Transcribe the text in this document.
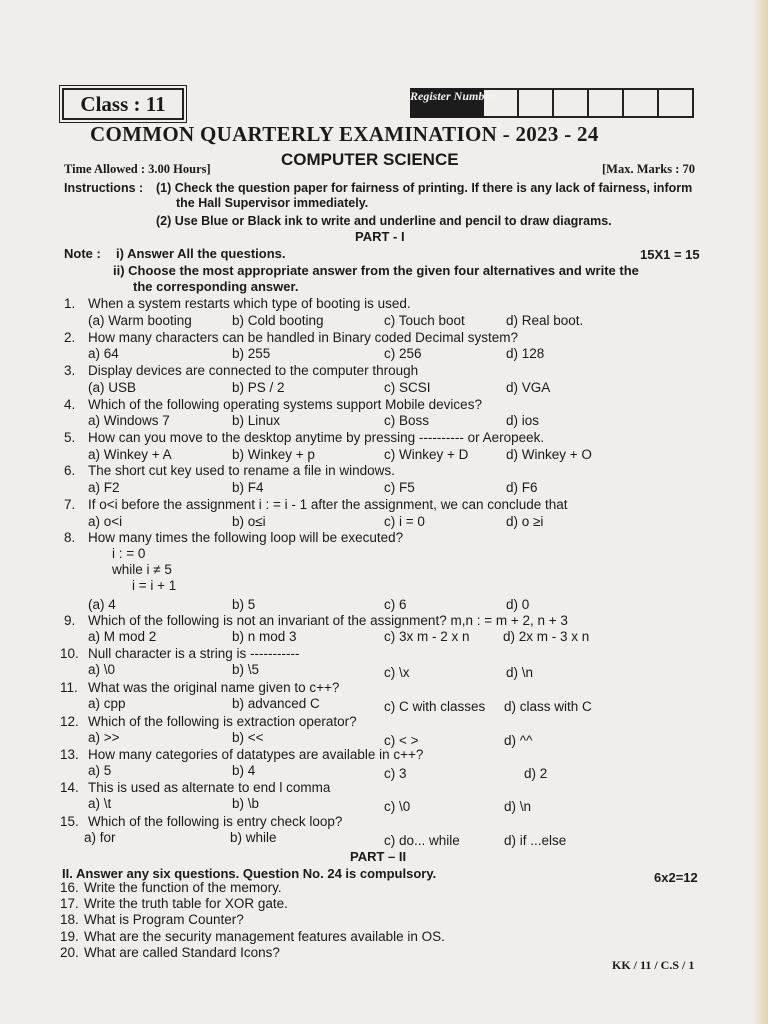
Class : 11	Register Number
COMMON QUARTERLY EXAMINATION - 2023 - 24
COMPUTER SCIENCE
Time Allowed : 3.00 Hours]	[Max. Marks : 70
Instructions : (1) Check the question paper for fairness of printing. If there is any lack of fairness, inform
the Hall Supervisor immediately.
(2) Use Blue or Black ink to write and underline and pencil to draw diagrams.
PART - I
Note : i) Answer All the questions.	15X1 = 15
ii) Choose the most appropriate answer from the given four alternatives and write the
the corresponding answer.
1. When a system restarts which type of booting is used.
(a) Warm booting	b) Cold booting	c) Touch boot	d) Real boot.
2. How many characters can be handled in Binary coded Decimal system?
a) 64	b) 255	c) 256	d) 128
3. Display devices are connected to the computer through
(a) USB	b) PS / 2	c) SCSI	d) VGA
4. Which of the following operating systems support Mobile devices?
a) Windows 7	b) Linux	c) Boss	d) ios
5. How can you move to the desktop anytime by pressing ---------- or Aeropeek.
a) Winkey + A	b) Winkey + p	c) Winkey + D	d) Winkey + O
6. The short cut key used to rename a file in windows.
a) F2	b) F4	c) F5	d) F6
7. If o<i before the assignment i : = i - 1 after the assignment, we can conclude that
a) o<i	b) o≤i	c) i = 0	d) o ≥i
8. How many times the following loop will be executed?
i : = 0
while i ≠ 5
i = i + 1
(a) 4	b) 5	c) 6	d) 0
9. Which of the following is not an invariant of the assignment? m,n : = m + 2, n + 3
a) M mod 2	b) n mod 3	c) 3x m - 2 x n d) 2x m - 3 x n
10. Null character is a string is -----------
a) \0	b) \5	c) \x	d) \n
11. What was the original name given to c++?
a) cpp	b) advanced C	c) C with classes d) class with C
12. Which of the following is extraction operator?
a) >>	b) <<	c) < >	d) ^^
13. How many categories of datatypes are available in c++?
a) 5	b) 4	c) 3	d) 2
14. This is used as alternate to end l comma
a) \t	b) \b	c) \0	d) \n
15. Which of the following is entry check loop?
a) for	b) while	c) do... while	d) if ...else
PART – II
II. Answer any six questions. Question No. 24 is compulsory.	6x2=12
16. Write the function of the memory.
17. Write the truth table for XOR gate.
18. What is Program Counter?
19. What are the security management features available in OS.
20. What are called Standard Icons?
KK / 11 / C.S / 1
